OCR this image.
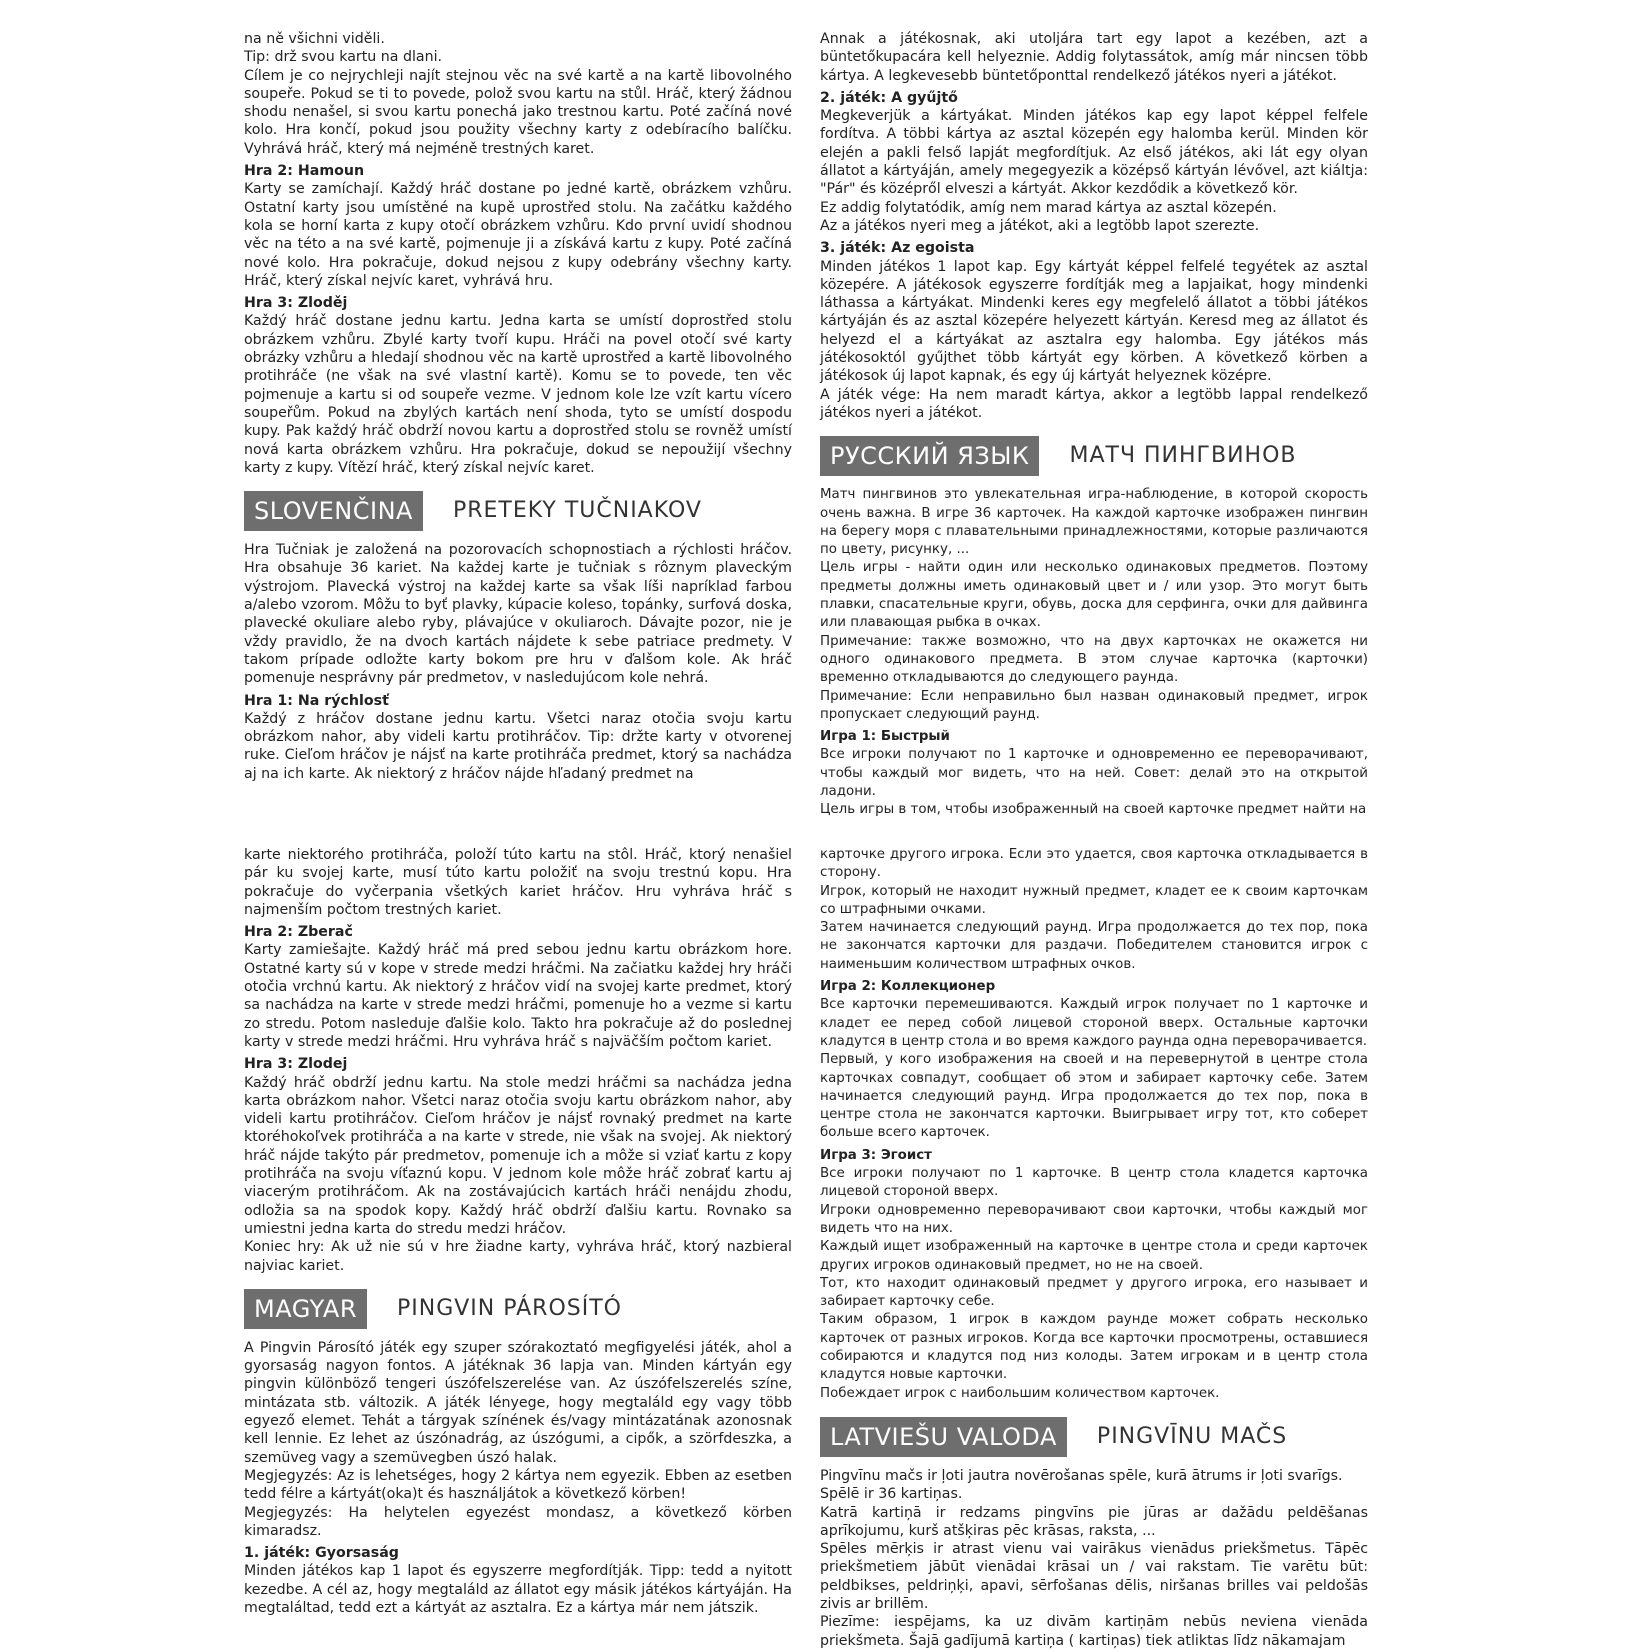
na ně všichni viděli.

Tip: drž svou kartu na dlani.

Cílem je co nejrychleji najít stejnou věc na své kartě a na kartě libovolného soupeře. Pokud se ti to povede, polož svou kartu na stůl. Hráč, který žádnou shodu nenašel, si svou kartu ponechá jako trestnou kartu. Poté začíná nové kolo. Hra končí, pokud jsou použity všechny karty z odebíracího balíčku. Vyhrává hráč, který má nejméně trestných karet.

Hra 2: Hamoun

Karty se zamíchají. Každý hráč dostane po jedné kartě, obrázkem vzhůru. Ostatní karty jsou umístěné na kupě uprostřed stolu. Na začátku každého kola se horní karta z kupy otočí obrázkem vzhůru. Kdo první uvidí shodnou věc na této a na své kartě, pojmenuje ji a získává kartu z kupy. Poté začíná nové kolo. Hra pokračuje, dokud nejsou z kupy odebrány všechny karty. Hráč, který získal nejvíc karet, vyhrává hru.

Hra 3: Zloděj

Každý hráč dostane jednu kartu. Jedna karta se umístí doprostřed stolu obrázkem vzhůru. Zbylé karty tvoří kupu. Hráči na povel otočí své karty obrázky vzhůru a hledají shodnou věc na kartě uprostřed a kartě libovolného protihráče (ne však na své vlastní kartě). Komu se to povede, ten věc pojmenuje a kartu si od soupeře vezme. V jednom kole lze vzít kartu vícero soupeřům. Pokud na zbylých kartách není shoda, tyto se umístí dospodu kupy. Pak každý hráč obdrží novou kartu a doprostřed stolu se rovněž umístí nová karta obrázkem vzhůru. Hra pokračuje, dokud se nepoužijí všechny karty z kupy. Vítězí hráč, který získal nejvíc karet.

SLOVENČINA	PRETEKY TUČNIAKOV

Hra Tučniak je založená na pozorovacích schopnostiach a rýchlosti hráčov. Hra obsahuje 36 kariet. Na každej karte je tučniak s rôznym plaveckým výstrojom. Plavecká výstroj na každej karte sa však líši napríklad farbou a/alebo vzorom. Môžu to byť plavky, kúpacie koleso, topánky, surfová doska, plavecké okuliare alebo ryby, plávajúce v okuliaroch. Dávajte pozor, nie je vždy pravidlo, že na dvoch kartách nájdete k sebe patriace predmety. V takom prípade odložte karty bokom pre hru v ďalšom kole. Ak hráč pomenuje nesprávny pár predmetov, v nasledujúcom kole nehrá.

Hra 1: Na rýchlosť

Každý z hráčov dostane jednu kartu. Všetci naraz otočia svoju kartu obrázkom nahor, aby videli kartu protihráčov. Tip: držte karty v otvorenej ruke. Cieľom hráčov je nájsť na karte protihráča predmet, ktorý sa nachádza aj na ich karte. Ak niektorý z hráčov nájde hľadaný predmet na

Annak a játékosnak, aki utoljára tart egy lapot a kezében, azt a büntetőkupacára kell helyeznie. Addig folytassátok, amíg már nincsen több kártya. A legkevesebb büntetőponttal rendelkező játékos nyeri a játékot.

2. játék: A gyűjtő

Megkeverjük a kártyákat. Minden játékos kap egy lapot képpel felfele fordítva. A többi kártya az asztal közepén egy halomba kerül. Minden kör elején a pakli felső lapját megfordítjuk. Az első játékos, aki lát egy olyan állatot a kártyáján, amely megegyezik a középső kártyán lévővel, azt kiáltja: "Pár" és középről elveszi a kártyát. Akkor kezdődik a következő kör.

Ez addig folytatódik, amíg nem marad kártya az asztal közepén.

Az a játékos nyeri meg a játékot, aki a legtöbb lapot szerezte.

3. játék: Az egoista

Minden játékos 1 lapot kap. Egy kártyát képpel felfelé tegyétek az asztal közepére. A játékosok egyszerre fordítják meg a lapjaikat, hogy mindenki láthassa a kártyákat. Mindenki keres egy megfelelő állatot a többi játékos kártyáján és az asztal közepére helyezett kártyán. Keresd meg az állatot és helyezd el a kártyákat az asztalra egy halomba. Egy játékos más játékosoktól gyűjthet több kártyát egy körben. A következő körben a játékosok új lapot kapnak, és egy új kártyát helyeznek középre.

A játék vége: Ha nem maradt kártya, akkor a legtöbb lappal rendelkező játékos nyeri a játékot.

РУССКИЙ ЯЗЫК	МАТЧ ПИНГВИНОВ

Матч пингвинов это увлекательная игра-наблюдение, в которой скорость очень важна. В игре 36 карточек. На каждой карточке изображен пингвин на берегу моря с плавательными принадлежностями, которые различаются по цвету, рисунку, ...

Цель игры - найти один или несколько одинаковых предметов. Поэтому предметы должны иметь одинаковый цвет и / или узор. Это могут быть плавки, спасательные круги, обувь, доска для серфинга, очки для дайвинга или плавающая рыбка в очках.

Примечание: также возможно, что на двух карточках не окажется ни одного одинакового предмета. В этом случае карточка (карточки) временно откладываются до следующего раунда.

Примечание: Если неправильно был назван одинаковый предмет, игрок пропускает следующий раунд.

Игра 1: Быстрый

Все игроки получают по 1 карточке и одновременно ее переворачивают, чтобы каждый мог видеть, что на ней. Совет: делай это на открытой ладони.

Цель игры в том, чтобы изображенный на своей карточке предмет найти на

karte niektorého protihráča, položí túto kartu na stôl. Hráč, ktorý nenašiel pár ku svojej karte, musí túto kartu položiť na svoju trestnú kopu. Hra pokračuje do vyčerpania všetkých kariet hráčov. Hru vyhráva hráč s najmenším počtom trestných kariet.

Hra 2: Zberač

Karty zamiešajte. Každý hráč má pred sebou jednu kartu obrázkom hore. Ostatné karty sú v kope v strede medzi hráčmi. Na začiatku každej hry hráči otočia vrchnú kartu. Ak niektorý z hráčov vidí na svojej karte predmet, ktorý sa nachádza na karte v strede medzi hráčmi, pomenuje ho a vezme si kartu zo stredu. Potom nasleduje ďalšie kolo. Takto hra pokračuje až do poslednej karty v strede medzi hráčmi. Hru vyhráva hráč s najväčším počtom kariet.

Hra 3: Zlodej

Každý hráč obdrží jednu kartu. Na stole medzi hráčmi sa nachádza jedna karta obrázkom nahor. Všetci naraz otočia svoju kartu obrázkom nahor, aby videli kartu protihráčov. Cieľom hráčov je nájsť rovnaký predmet na karte ktoréhokoľvek protihráča a na karte v strede, nie však na svojej. Ak niektorý hráč nájde takýto pár predmetov, pomenuje ich a môže si vziať kartu z kopy protihráča na svoju víťaznú kopu. V jednom kole môže hráč zobrať kartu aj viacerým protihráčom. Ak na zostávajúcich kartách hráči nenájdu zhodu, odložia sa na spodok kopy. Každý hráč obdrží ďalšiu kartu. Rovnako sa umiestni jedna karta do stredu medzi hráčov.

Koniec hry: Ak už nie sú v hre žiadne karty, vyhráva hráč, ktorý nazbieral najviac kariet.

MAGYAR	PINGVIN PÁROSÍTÓ

A Pingvin Párosító játék egy szuper szórakoztató megfigyelési játék, ahol a gyorsaság nagyon fontos. A játéknak 36 lapja van. Minden kártyán egy pingvin különböző tengeri úszófelszerelése van. Az úszófelszerelés színe, mintázata stb. változik. A játék lényege, hogy megtaláld egy vagy több egyező elemet. Tehát a tárgyak színének és/vagy mintázatának azonosnak kell lennie. Ez lehet az úszónadrág, az úszógumi, a cipők, a szörfdeszka, a szemüveg vagy a szemüvegben úszó halak.

Megjegyzés: Az is lehetséges, hogy 2 kártya nem egyezik. Ebben az esetben tedd félre a kártyát(oka)t és használjátok a következő körben!

Megjegyzés: Ha helytelen egyezést mondasz, a következő körben kimaradsz.

1. játék: Gyorsaság

Minden játékos kap 1 lapot és egyszerre megfordítják. Tipp: tedd a nyitott kezedbe. A cél az, hogy megtaláld az állatot egy másik játékos kártyáján. Ha megtaláltad, tedd ezt a kártyát az asztalra. Ez a kártya már nem játszik.

карточке другого игрока. Если это удается, своя карточка откладывается в сторону.

Игрок, который не находит нужный предмет, кладет ее к своим карточкам со штрафными очками.

Затем начинается следующий раунд. Игра продолжается до тех пор, пока не закончатся карточки для раздачи. Победителем становится игрок с наименьшим количеством штрафных очков.

Игра 2: Коллекционер

Все карточки перемешиваются. Каждый игрок получает по 1 карточке и кладет ее перед собой лицевой стороной вверх. Остальные карточки кладутся в центр стола и во время каждого раунда одна переворачивается.

Первый, у кого изображения на своей и на перевернутой в центре стола карточках совпадут, сообщает об этом и забирает карточку себе. Затем начинается следующий раунд. Игра продолжается до тех пор, пока в центре стола не закончатся карточки. Выигрывает игру тот, кто соберет больше всего карточек.

Игра 3: Эгоист

Все игроки получают по 1 карточке. В центр стола кладется карточка лицевой стороной вверх.

Игроки одновременно переворачивают свои карточки, чтобы каждый мог видеть что на них.

Каждый ищет изображенный на карточке в центре стола и среди карточек других игроков одинаковый предмет, но не на своей.

Тот, кто находит одинаковый предмет у другого игрока, его называет и забирает карточку себе.

Таким образом, 1 игрок в каждом раунде может собрать несколько карточек от разных игроков. Когда все карточки просмотрены, оставшиеся собираются и кладутся под низ колоды. Затем игрокам и в центр стола кладутся новые карточки.

Побеждает игрок с наибольшим количеством карточек.

LATVIEŠU VALODA	PINGVĪNU MAČS

Pingvīnu mačs ir ļoti jautra novērošanas spēle, kurā ātrums ir ļoti svarīgs.

Spēlē ir 36 kartiņas.

Katrā kartiņā ir redzams pingvīns pie jūras ar dažādu peldēšanas aprīkojumu, kurš atšķiras pēc krāsas, raksta, ...

Spēles mērķis ir atrast vienu vai vairākus vienādus priekšmetus. Tāpēc priekšmetiem jābūt vienādai krāsai un / vai rakstam. Tie varētu būt: peldbikses, peldriņķi, apavi, sērfošanas dēlis, niršanas brilles vai peldošās zivis ar brillēm.

Piezīme: iespējams, ka uz divām kartiņām nebūs neviena vienāda priekšmeta. Šajā gadījumā kartiņa ( kartiņas) tiek atliktas līdz nākamajam
